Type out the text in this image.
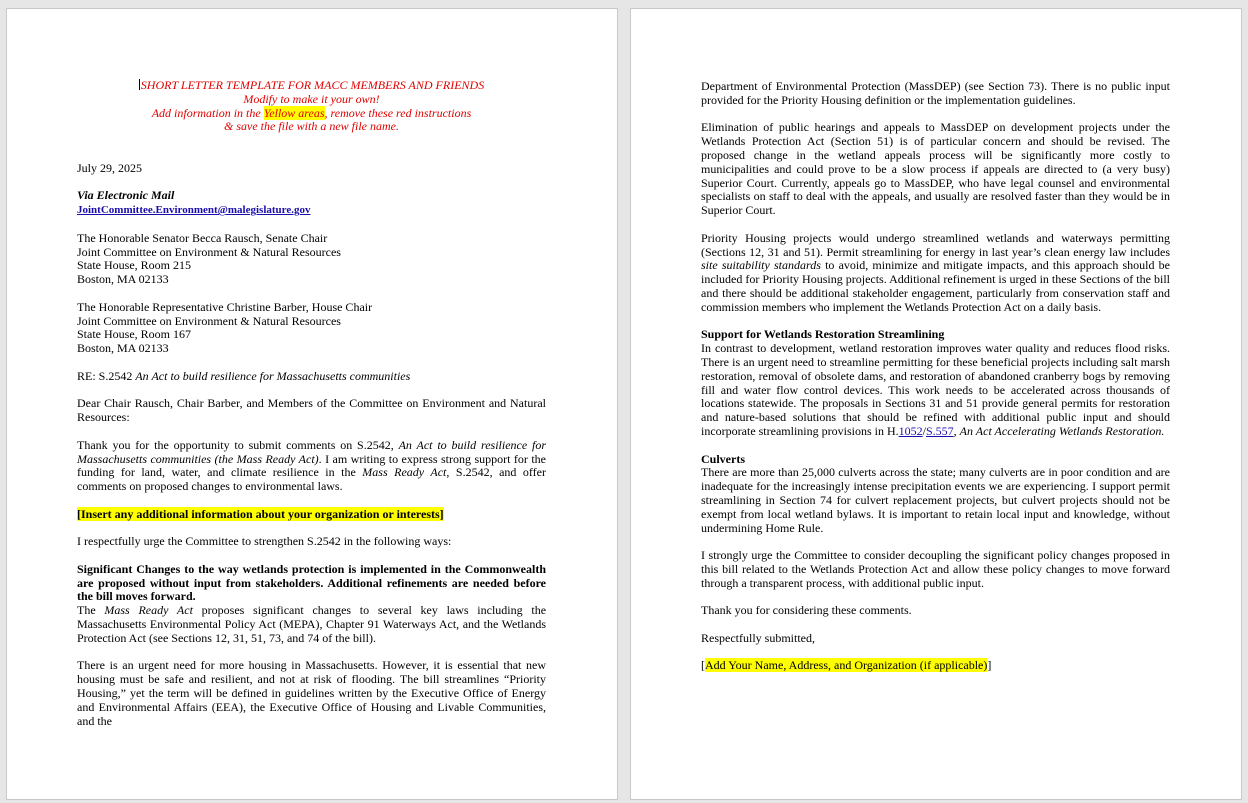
SHORT LETTER TEMPLATE FOR MACC MEMBERS AND FRIENDS

Modify to make it your own!

Add information in the Yellow areas, remove these red instructions

& save the file with a new file name.

July 29, 2025

Via Electronic Mail

JointCommittee.Environment@malegislature.gov

The Honorable Senator Becca Rausch, Senate Chair

Joint Committee on Environment & Natural Resources

State House, Room 215

Boston, MA 02133

The Honorable Representative Christine Barber, House Chair

Joint Committee on Environment & Natural Resources

State House, Room 167

Boston, MA 02133

RE: S.2542 An Act to build resilience for Massachusetts communities

Dear Chair Rausch, Chair Barber, and Members of the Committee on Environment and Natural Resources:

Thank you for the opportunity to submit comments on S.2542, An Act to build resilience for Massachusetts communities (the Mass Ready Act). I am writing to express strong support for the funding for land, water, and climate resilience in the Mass Ready Act, S.2542, and offer comments on proposed changes to environmental laws.

[Insert any additional information about your organization or interests]

I respectfully urge the Committee to strengthen S.2542 in the following ways:

Significant Changes to the way wetlands protection is implemented in the Commonwealth are proposed without input from stakeholders. Additional refinements are needed before the bill moves forward.

The Mass Ready Act proposes significant changes to several key laws including the Massachusetts Environmental Policy Act (MEPA), Chapter 91 Waterways Act, and the Wetlands Protection Act (see Sections 12, 31, 51, 73, and 74 of the bill).

There is an urgent need for more housing in Massachusetts. However, it is essential that new housing must be safe and resilient, and not at risk of flooding. The bill streamlines “Priority Housing,” yet the term will be defined in guidelines written by the Executive Office of Energy and Environmental Affairs (EEA), the Executive Office of Housing and Livable Communities, and the

Department of Environmental Protection (MassDEP) (see Section 73). There is no public input provided for the Priority Housing definition or the implementation guidelines.

Elimination of public hearings and appeals to MassDEP on development projects under the Wetlands Protection Act (Section 51) is of particular concern and should be revised. The proposed change in the wetland appeals process will be significantly more costly to municipalities and could prove to be a slow process if appeals are directed to (a very busy) Superior Court. Currently, appeals go to MassDEP, who have legal counsel and environmental specialists on staff to deal with the appeals, and usually are resolved faster than they would be in Superior Court.

Priority Housing projects would undergo streamlined wetlands and waterways permitting (Sections 12, 31 and 51). Permit streamlining for energy in last year’s clean energy law includes site suitability standards to avoid, minimize and mitigate impacts, and this approach should be included for Priority Housing projects. Additional refinement is urged in these Sections of the bill and there should be additional stakeholder engagement, particularly from conservation staff and commission members who implement the Wetlands Protection Act on a daily basis.

Support for Wetlands Restoration Streamlining

In contrast to development, wetland restoration improves water quality and reduces flood risks. There is an urgent need to streamline permitting for these beneficial projects including salt marsh restoration, removal of obsolete dams, and restoration of abandoned cranberry bogs by removing fill and water flow control devices. This work needs to be accelerated across thousands of locations statewide. The proposals in Sections 31 and 51 provide general permits for restoration and nature-based solutions that should be refined with additional public input and should incorporate streamlining provisions in H.1052/S.557, An Act Accelerating Wetlands Restoration.

Culverts

There are more than 25,000 culverts across the state; many culverts are in poor condition and are inadequate for the increasingly intense precipitation events we are experiencing. I support permit streamlining in Section 74 for culvert replacement projects, but culvert projects should not be exempt from local wetland bylaws. It is important to retain local input and knowledge, without undermining Home Rule.

I strongly urge the Committee to consider decoupling the significant policy changes proposed in this bill related to the Wetlands Protection Act and allow these policy changes to move forward through a transparent process, with additional public input.

Thank you for considering these comments.

Respectfully submitted,

[Add Your Name, Address, and Organization (if applicable)]
